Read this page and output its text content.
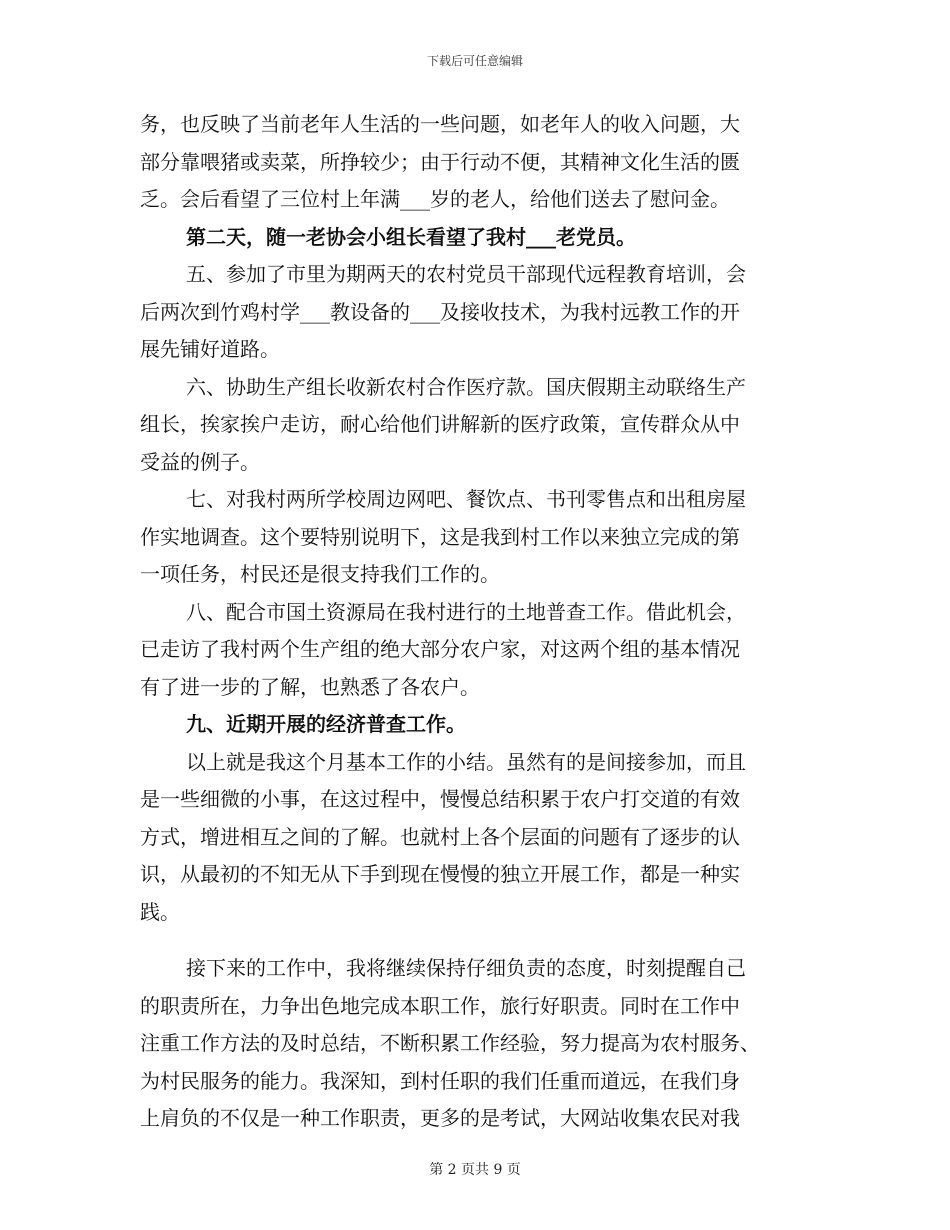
下载后可任意编辑
务，也反映了当前老年人生活的一些问题，如老年人的收入问题，大
部分靠喂猪或卖菜，所挣较少；由于行动不便，其精神文化生活的匮
乏。会后看望了三位村上年满___岁的老人，给他们送去了慰问金。
第二天，随一老协会小组长看望了我村___老党员。
五、参加了市里为期两天的农村党员干部现代远程教育培训，会
后两次到竹鸡村学___教设备的___及接收技术，为我村远教工作的开
展先铺好道路。
六、协助生产组长收新农村合作医疗款。国庆假期主动联络生产
组长，挨家挨户走访，耐心给他们讲解新的医疗政策，宣传群众从中
受益的例子。
七、对我村两所学校周边网吧、餐饮点、书刊零售点和出租房屋
作实地调查。这个要特别说明下，这是我到村工作以来独立完成的第
一项任务，村民还是很支持我们工作的。
八、配合市国土资源局在我村进行的土地普查工作。借此机会，
已走访了我村两个生产组的绝大部分农户家，对这两个组的基本情况
有了进一步的了解，也熟悉了各农户。
九、近期开展的经济普查工作。
以上就是我这个月基本工作的小结。虽然有的是间接参加，而且
是一些细微的小事，在这过程中，慢慢总结积累于农户打交道的有效
方式，增进相互之间的了解。也就村上各个层面的问题有了逐步的认
识，从最初的不知无从下手到现在慢慢的独立开展工作，都是一种实
践。
接下来的工作中，我将继续保持仔细负责的态度，时刻提醒自己
的职责所在，力争出色地完成本职工作，旅行好职责。同时在工作中
注重工作方法的及时总结，不断积累工作经验，努力提高为农村服务、
为村民服务的能力。我深知，到村任职的我们任重而道远，在我们身
上肩负的不仅是一种工作职责，更多的是考试，大网站收集农民对我
第 2 页共 9 页
